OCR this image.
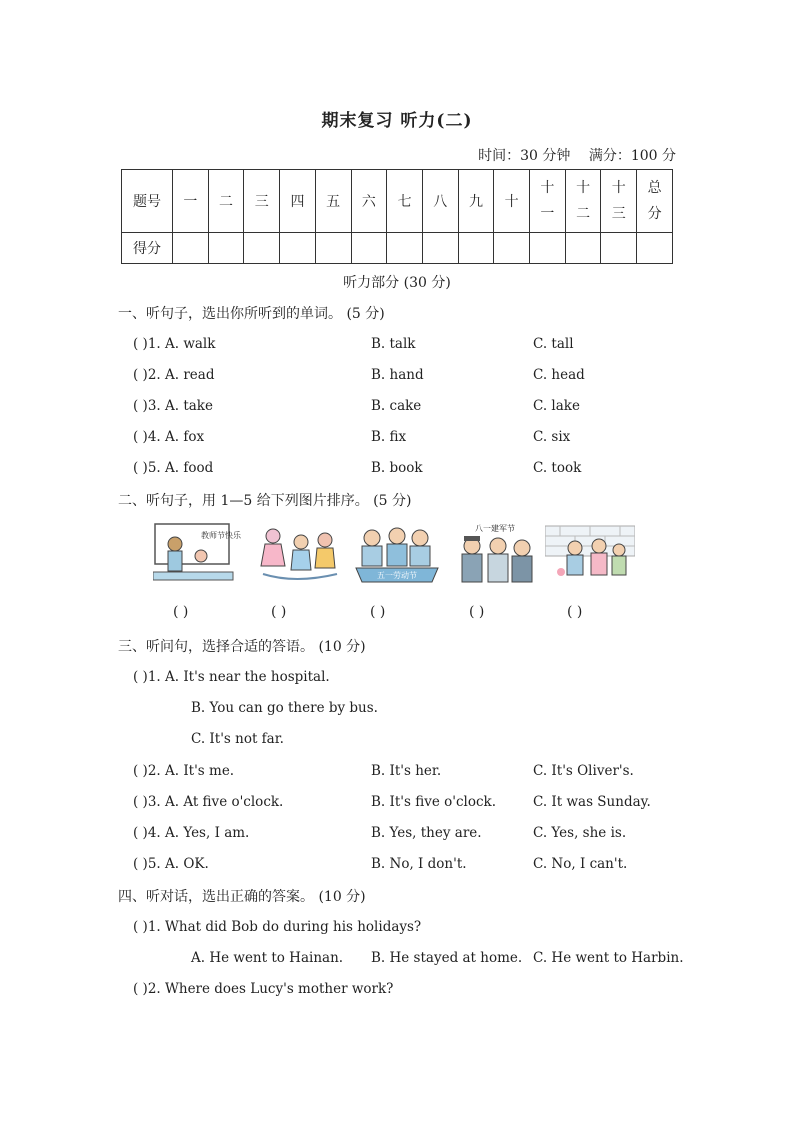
期末复习 听力(二)
时间：30 分钟 满分：100 分
题号	一	二	三	四	五	六	七	八	九	十	十一	十二	十三	总分
得分														
听力部分 (30 分)
一、听句子，选出你所听到的单词。 (5 分)
( )1. A. walk	B. talk	C. tall
( )2. A. read	B. hand	C. head
( )3. A. take	B. cake	C. lake
( )4. A. fox	B. fix	C. six
( )5. A. food	B. book	C. took
二、听句子，用 1—5 给下列图片排序。 (5 分)
教师节快乐
五一劳动节
八一建军节
( )	( )	( )	( )	( )
三、听问句，选择合适的答语。 (10 分)
( )1. A. It's near the hospital.
B. You can go there by bus.
C. It's not far.
( )2. A. It's me.	B. It's her.	C. It's Oliver's.
( )3. A. At five o'clock.	B. It's five o'clock.	C. It was Sunday.
( )4. A. Yes, I am.	B. Yes, they are.	C. Yes, she is.
( )5. A. OK.	B. No, I don't.	C. No, I can't.
四、听对话，选出正确的答案。 (10 分)
( )1. What did Bob do during his holidays?
A. He went to Hainan. B. He stayed at home. C. He went to Harbin.
( )2. Where does Lucy's mother work?
